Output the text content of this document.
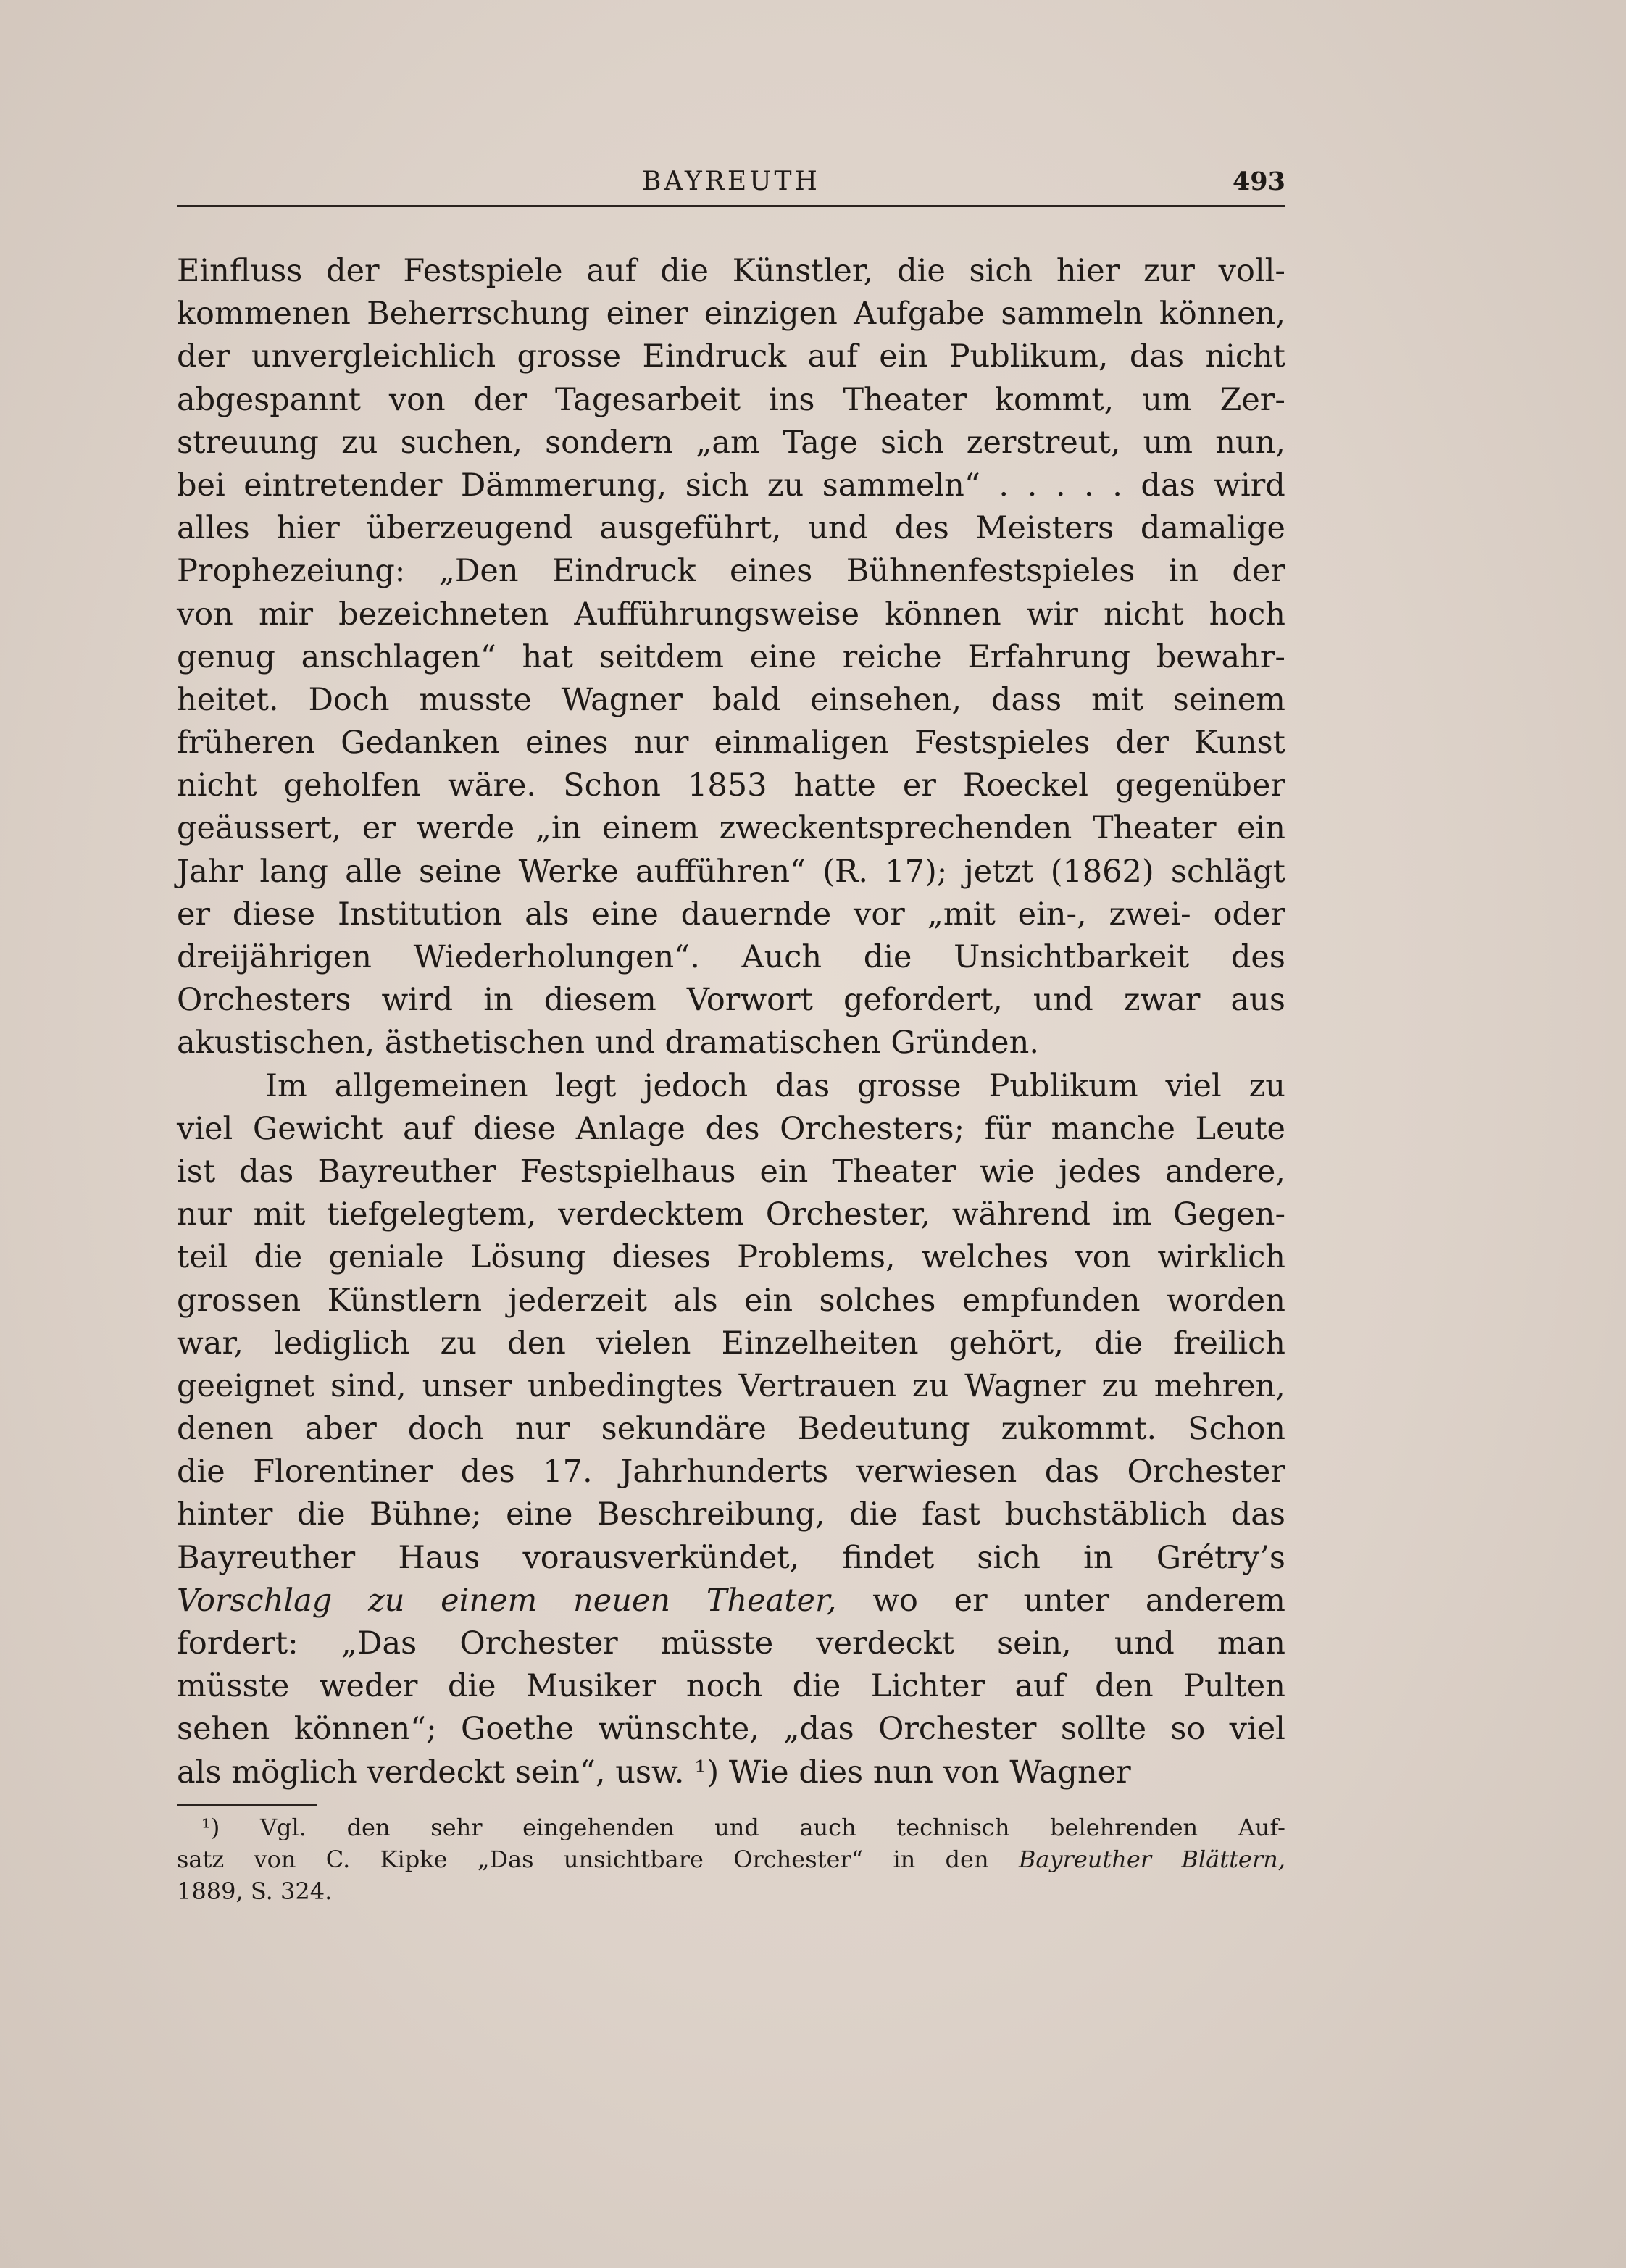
BAYREUTH	493
Einfluss der Festspiele auf die Künstler, die sich hier zur voll-
kommenen Beherrschung einer einzigen Aufgabe sammeln können,
der unvergleichlich grosse Eindruck auf ein Publikum, das nicht
abgespannt von der Tagesarbeit ins Theater kommt, um Zer-
streuung zu suchen, sondern „am Tage sich zerstreut, um nun,
bei eintretender Dämmerung, sich zu sammeln“ . . . . . das wird
alles hier überzeugend ausgeführt, und des Meisters damalige
Prophezeiung: „Den Eindruck eines Bühnenfestspieles in der
von mir bezeichneten Aufführungsweise können wir nicht hoch
genug anschlagen“ hat seitdem eine reiche Erfahrung bewahr-
heitet. Doch musste Wagner bald einsehen, dass mit seinem
früheren Gedanken eines nur einmaligen Festspieles der Kunst
nicht geholfen wäre. Schon 1853 hatte er Roeckel gegenüber
geäussert, er werde „in einem zweckentsprechenden Theater ein
Jahr lang alle seine Werke aufführen“ (R. 17); jetzt (1862) schlägt
er diese Institution als eine dauernde vor „mit ein-, zwei- oder
dreijährigen Wiederholungen“. Auch die Unsichtbarkeit des
Orchesters wird in diesem Vorwort gefordert, und zwar aus
akustischen, ästhetischen und dramatischen Gründen.
Im allgemeinen legt jedoch das grosse Publikum viel zu
viel Gewicht auf diese Anlage des Orchesters; für manche Leute
ist das Bayreuther Festspielhaus ein Theater wie jedes andere,
nur mit tiefgelegtem, verdecktem Orchester, während im Gegen-
teil die geniale Lösung dieses Problems, welches von wirklich
grossen Künstlern jederzeit als ein solches empfunden worden
war, lediglich zu den vielen Einzelheiten gehört, die freilich
geeignet sind, unser unbedingtes Vertrauen zu Wagner zu mehren,
denen aber doch nur sekundäre Bedeutung zukommt. Schon
die Florentiner des 17. Jahrhunderts verwiesen das Orchester
hinter die Bühne; eine Beschreibung, die fast buchstäblich das
Bayreuther Haus vorausverkündet, findet sich in Grétry’s
Vorschlag zu einem neuen Theater, wo er unter anderem
fordert: „Das Orchester müsste verdeckt sein, und man
müsste weder die Musiker noch die Lichter auf den Pulten
sehen können“; Goethe wünschte, „das Orchester sollte so viel
als möglich verdeckt sein“, usw. ¹) Wie dies nun von Wagner
¹) Vgl. den sehr eingehenden und auch technisch belehrenden Auf-
satz von C. Kipke „Das unsichtbare Orchester“ in den Bayreuther Blättern,
1889, S. 324.
